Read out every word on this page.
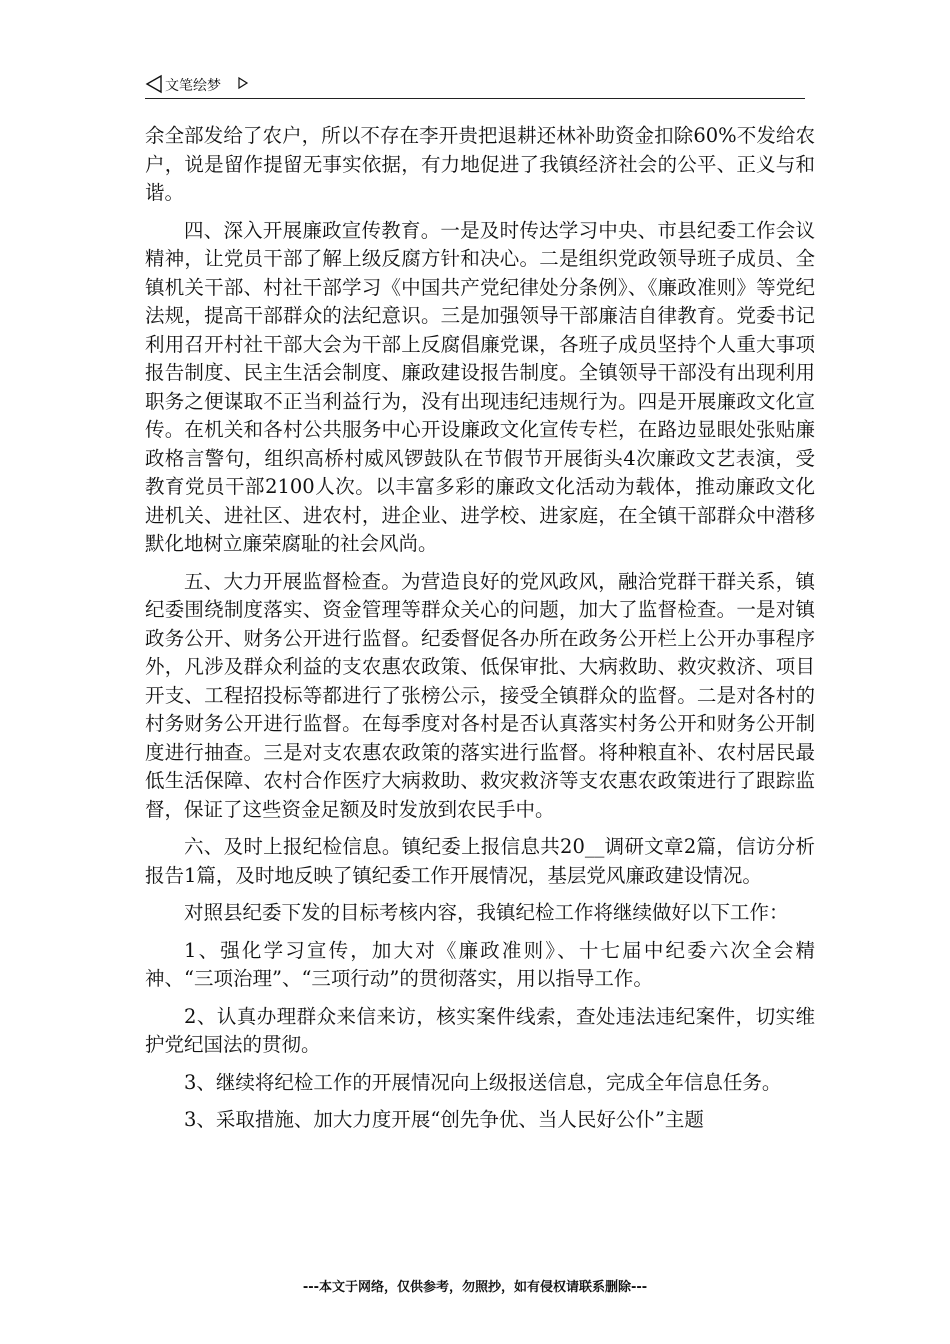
文笔绘梦

余全部发给了农户，所以不存在李开贵把退耕还林补助资金扣除60%不发给农户，说是留作提留无事实依据，有力地促进了我镇经济社会的公平、正义与和谐。

四、深入开展廉政宣传教育。一是及时传达学习中央、市县纪委工作会议精神，让党员干部了解上级反腐方针和决心。二是组织党政领导班子成员、全镇机关干部、村社干部学习《中国共产党纪律处分条例》、《廉政准则》等党纪法规，提高干部群众的法纪意识。三是加强领导干部廉洁自律教育。党委书记利用召开村社干部大会为干部上反腐倡廉党课，各班子成员坚持个人重大事项报告制度、民主生活会制度、廉政建设报告制度。全镇领导干部没有出现利用职务之便谋取不正当利益行为，没有出现违纪违规行为。四是开展廉政文化宣传。在机关和各村公共服务中心开设廉政文化宣传专栏，在路边显眼处张贴廉政格言警句，组织高桥村威风锣鼓队在节假节开展街头4次廉政文艺表演，受教育党员干部2100人次。以丰富多彩的廉政文化活动为载体，推动廉政文化进机关、进社区、进农村，进企业、进学校、进家庭，在全镇干部群众中潜移默化地树立廉荣腐耻的社会风尚。

五、大力开展监督检查。为营造良好的党风政风，融洽党群干群关系，镇纪委围绕制度落实、资金管理等群众关心的问题，加大了监督检查。一是对镇政务公开、财务公开进行监督。纪委督促各办所在政务公开栏上公开办事程序外，凡涉及群众利益的支农惠农政策、低保审批、大病救助、救灾救济、项目开支、工程招投标等都进行了张榜公示，接受全镇群众的监督。二是对各村的村务财务公开进行监督。在每季度对各村是否认真落实村务公开和财务公开制度进行抽查。三是对支农惠农政策的落实进行监督。将种粮直补、农村居民最低生活保障、农村合作医疗大病救助、救灾救济等支农惠农政策进行了跟踪监督，保证了这些资金足额及时发放到农民手中。

六、及时上报纪检信息。镇纪委上报信息共20__调研文章2篇，信访分析报告1篇，及时地反映了镇纪委工作开展情况，基层党风廉政建设情况。

对照县纪委下发的目标考核内容，我镇纪检工作将继续做好以下工作：

1、强化学习宣传，加大对《廉政准则》、十七届中纪委六次全会精神、“三项治理”、“三项行动”的贯彻落实，用以指导工作。

2、认真办理群众来信来访，核实案件线索，查处违法违纪案件，切实维护党纪国法的贯彻。

3、继续将纪检工作的开展情况向上级报送信息，完成全年信息任务。

3、采取措施、加大力度开展“创先争优、当人民好公仆”主题

---本文于网络，仅供参考，勿照抄，如有侵权请联系删除---
